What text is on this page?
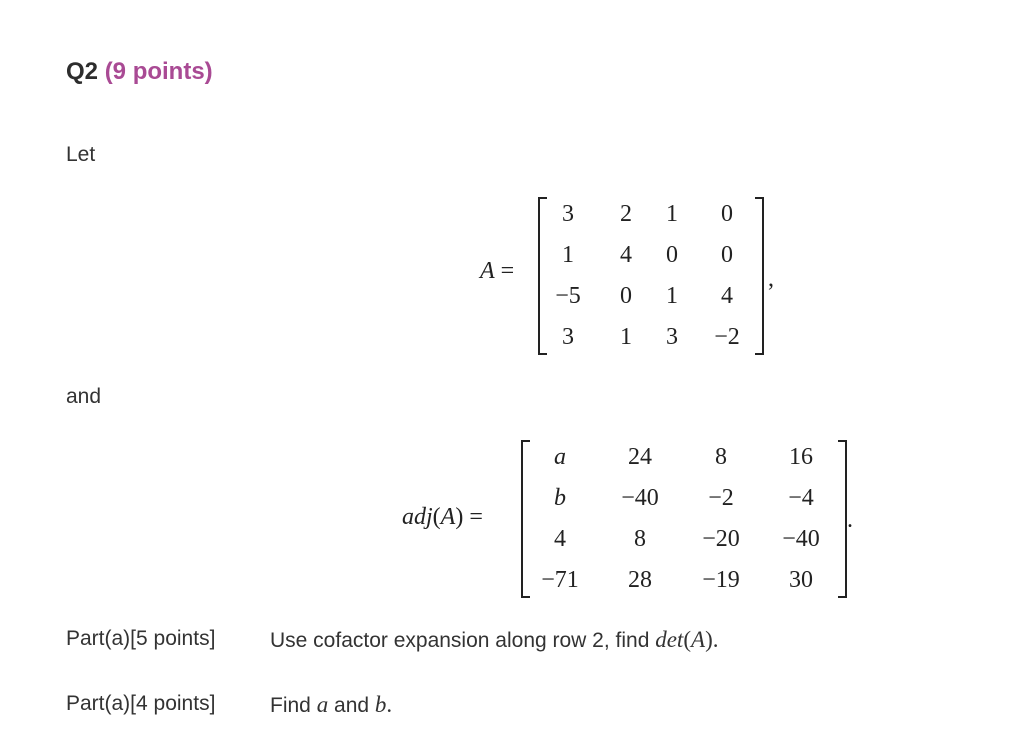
Q2 (9 points)
Let
A =
3	2	1	0
1	4	0	0
−5	0	1	4
3	1	3	−2
,
and
adj(A) =
a	24	8	16
b	−40	−2	−4
4	8	−20	−40
−71	28	−19	30
.
Part(a)[5 points]	Use cofactor expansion along row 2, find det(A).
Part(a)[4 points]	Find a and b.
